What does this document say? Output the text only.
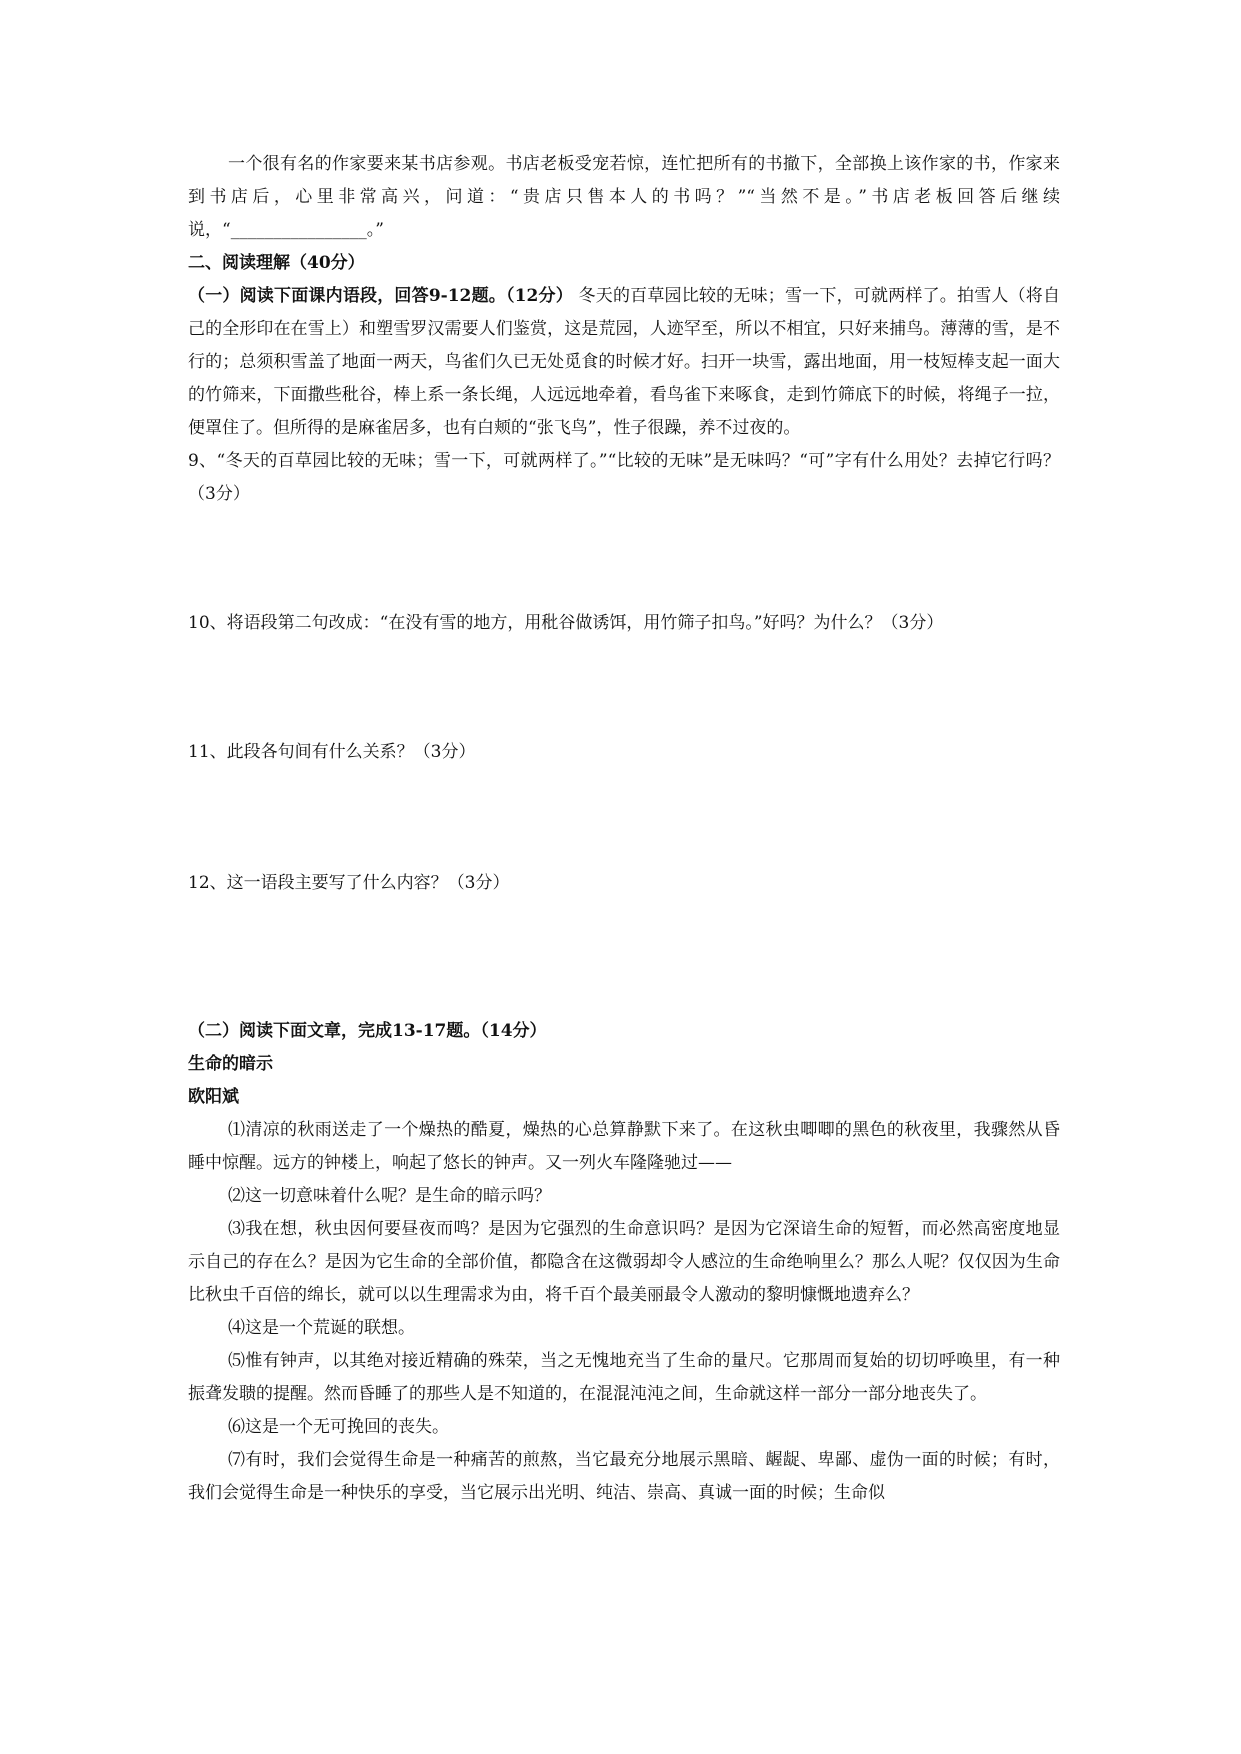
一个很有名的作家要来某书店参观。书店老板受宠若惊，连忙把所有的书撤下，全部换上该作家的书，作家来到书店后，心里非常高兴，问道：“贵店只售本人的书吗？”“当然不是。”书店老板回答后继续说，“________________。”

二、阅读理解（40分）

（一）阅读下面课内语段，回答9-12题。（12分） 冬天的百草园比较的无味；雪一下，可就两样了。拍雪人（将自己的全形印在在雪上）和塑雪罗汉需要人们鉴赏，这是荒园，人迹罕至，所以不相宜，只好来捕鸟。薄薄的雪，是不行的；总须积雪盖了地面一两天，鸟雀们久已无处觅食的时候才好。扫开一块雪，露出地面，用一枝短棒支起一面大的竹筛来，下面撒些秕谷，棒上系一条长绳，人远远地牵着，看鸟雀下来啄食，走到竹筛底下的时候，将绳子一拉，便罩住了。但所得的是麻雀居多，也有白颊的“张飞鸟”，性子很躁，养不过夜的。

9、“冬天的百草园比较的无味；雪一下，可就两样了。”“比较的无味”是无味吗？“可”字有什么用处？去掉它行吗？（3分）

10、将语段第二句改成：“在没有雪的地方，用秕谷做诱饵，用竹筛子扣鸟。”好吗？为什么？（3分）

11、此段各句间有什么关系？（3分）

12、这一语段主要写了什么内容？（3分）

（二）阅读下面文章，完成13-17题。（14分）

生命的暗示

欧阳斌

⑴清凉的秋雨送走了一个燥热的酷夏，燥热的心总算静默下来了。在这秋虫唧唧的黑色的秋夜里，我骤然从昏睡中惊醒。远方的钟楼上，响起了悠长的钟声。又一列火车隆隆驰过——

⑵这一切意味着什么呢？是生命的暗示吗？

⑶我在想，秋虫因何要昼夜而鸣？是因为它强烈的生命意识吗？是因为它深谙生命的短暂，而必然高密度地显示自己的存在么？是因为它生命的全部价值，都隐含在这微弱却令人感泣的生命绝响里么？那么人呢？仅仅因为生命比秋虫千百倍的绵长，就可以以生理需求为由，将千百个最美丽最令人激动的黎明慷慨地遗弃么？

⑷这是一个荒诞的联想。

⑸惟有钟声，以其绝对接近精确的殊荣，当之无愧地充当了生命的量尺。它那周而复始的切切呼唤里，有一种振聋发聩的提醒。然而昏睡了的那些人是不知道的，在混混沌沌之间，生命就这样一部分一部分地丧失了。

⑹这是一个无可挽回的丧失。

⑺有时，我们会觉得生命是一种痛苦的煎熬，当它最充分地展示黑暗、龌龊、卑鄙、虚伪一面的时候；有时，我们会觉得生命是一种快乐的享受，当它展示出光明、纯洁、崇高、真诚一面的时候；生命似
